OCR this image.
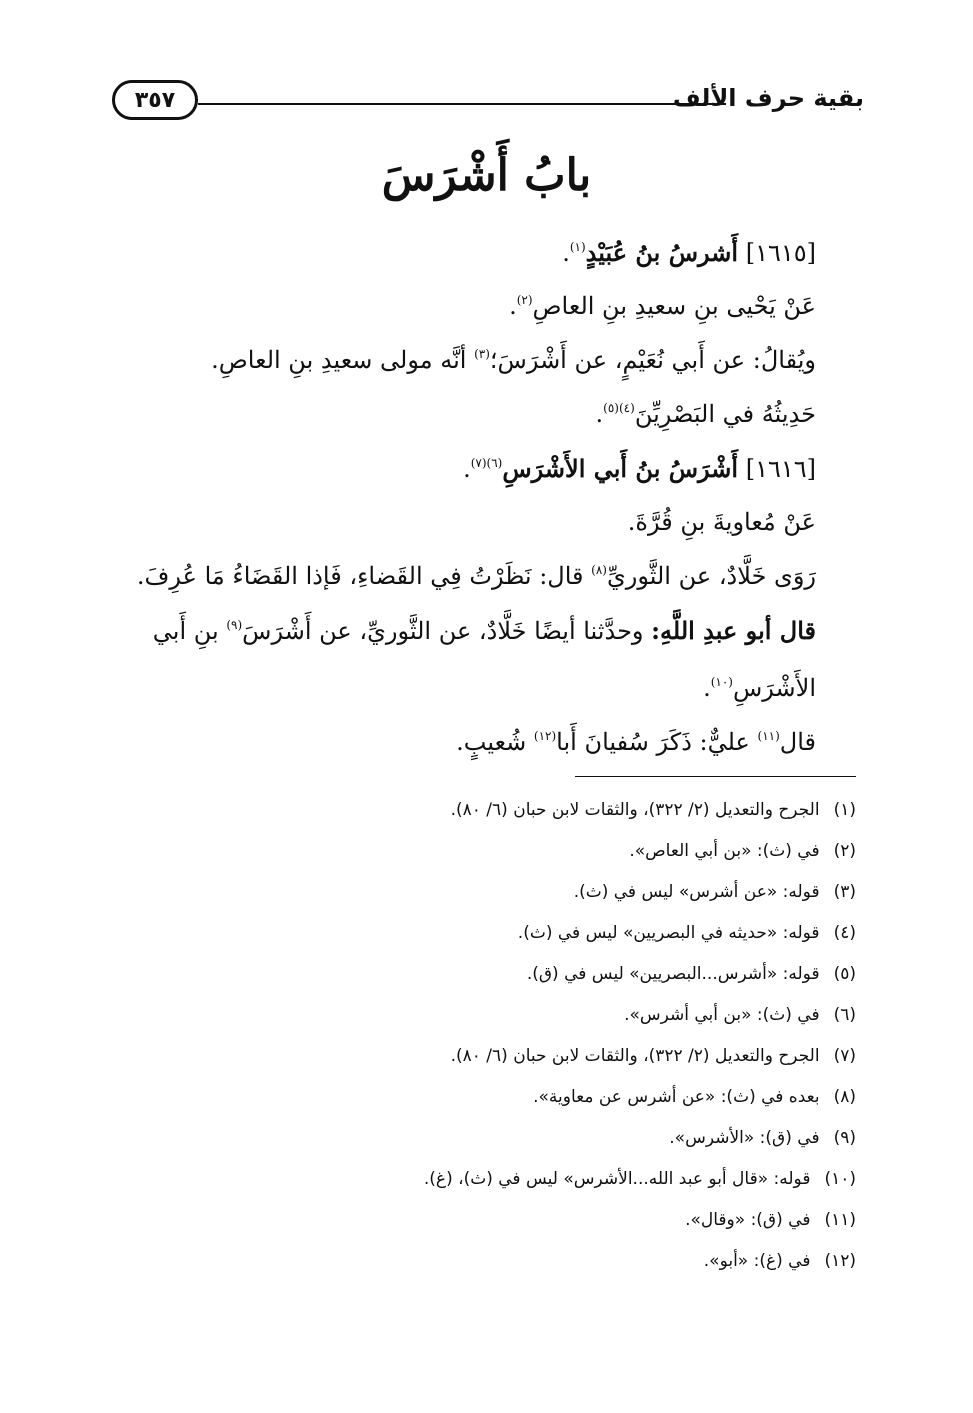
بقية حرف الألف
٣٥٧
بابُ أَشْرَسَ
[١٦١٥] أَشرسُ بنُ عُبَيْدٍ$^{(١)}$.
عَنْ يَحْيى بنِ سعيدِ بنِ العاصِ$^{(٢)}$.
ويُقالُ: عن أَبي نُعَيْمٍ، عن أَشْرَسَ؛$^{(٣)}$ أنَّه مولى سعيدِ بنِ العاصِ.
حَدِيثُهُ في البَصْرِيِّنَ$^{(٤)(٥)}$.
[١٦١٦] أَشْرَسُ بنُ أَبي الأَشْرَسِ$^{(٦)(٧)}$.
عَنْ مُعاويةَ بنِ قُرَّةَ.
رَوَى خَلَّادٌ، عن الثَّوريِّ$^{(٨)}$ قال: نَظَرْتُ فِي القَضاءِ، فَإذا القَضَاءُ مَا عُرِفَ.
قال أبو عبدِ اللَّهِ: وحدَّثنا أيضًا خَلَّادٌ، عن الثَّوريِّ، عن أَشْرَسَ$^{(٩)}$ بنِ أَبي
الأَشْرَسِ$^{(١٠)}$.
قال$^{(١١)}$ عليٌّ: ذَكَرَ سُفيانَ أَبا$^{(١٢)}$ شُعيبٍ.
(١)الجرح والتعديل (٢/ ٣٢٢)، والثقات لابن حبان (٦/ ٨٠).
(٢)في (ث): «بن أبي العاص».
(٣)قوله: «عن أشرس» ليس في (ث).
(٤)قوله: «حديثه في البصريين» ليس في (ث).
(٥)قوله: «أشرس...البصريين» ليس في (ق).
(٦)في (ث): «بن أبي أشرس».
(٧)الجرح والتعديل (٢/ ٣٢٢)، والثقات لابن حبان (٦/ ٨٠).
(٨)بعده في (ث): «عن أشرس عن معاوية».
(٩)في (ق): «الأشرس».
(١٠)قوله: «قال أبو عبد الله...الأشرس» ليس في (ث)، (غ).
(١١)في (ق): «وقال».
(١٢)في (غ): «أبو».
